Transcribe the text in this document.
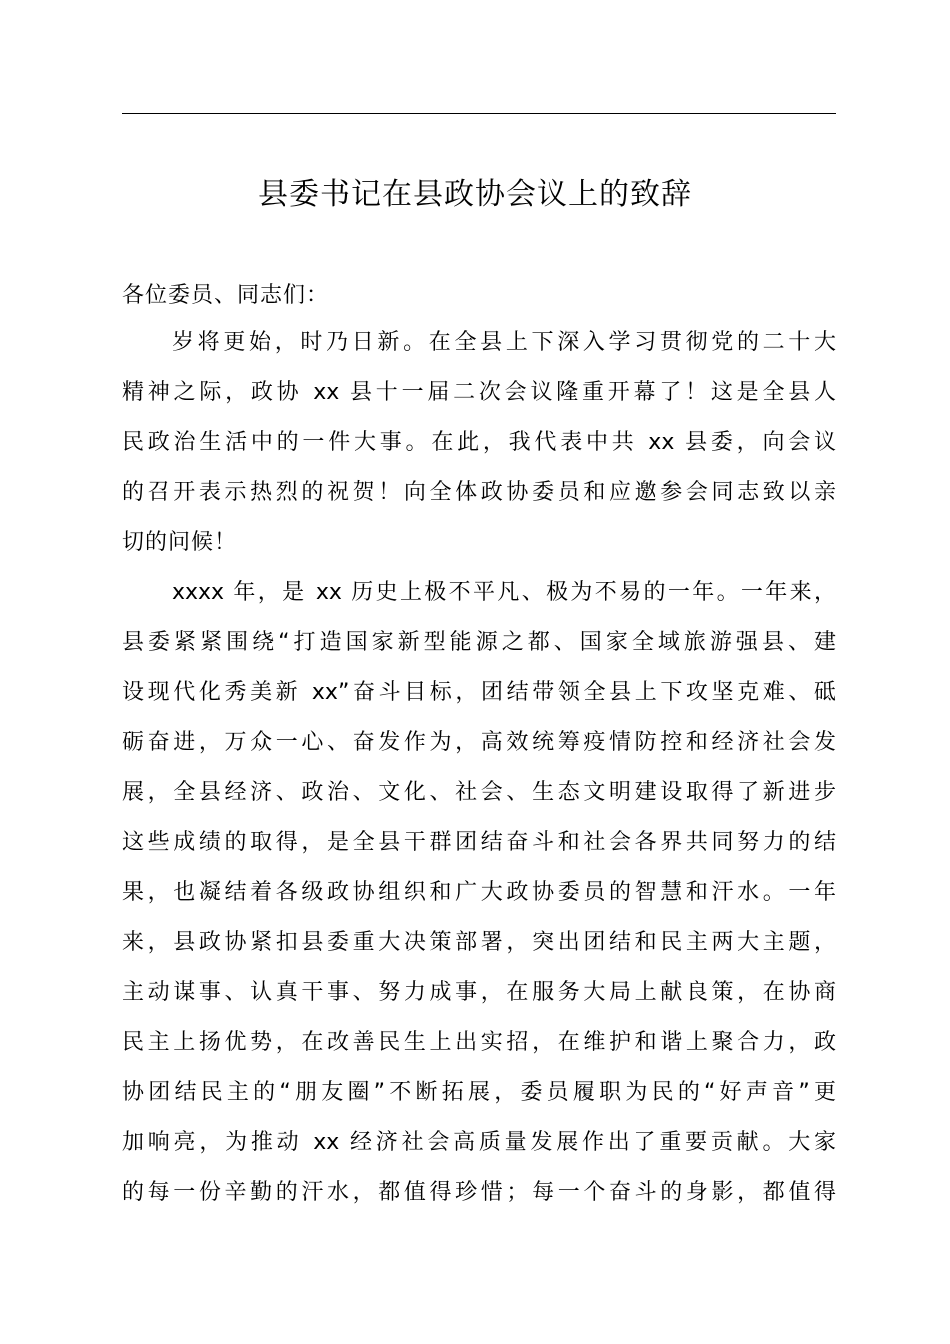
县委书记在县政协会议上的致辞
各位委员、同志们：
岁将更始，时乃日新。在全县上下深入学习贯彻党的二十大
精神之际，政协 xx 县十一届二次会议隆重开幕了！这是全县人
民政治生活中的一件大事。在此，我代表中共 xx 县委，向会议
的召开表示热烈的祝贺！向全体政协委员和应邀参会同志致以亲
切的问候！
xxxx 年，是 xx 历史上极不平凡、极为不易的一年。一年来，
县委紧紧围绕“打造国家新型能源之都、国家全域旅游强县、建
设现代化秀美新 xx”奋斗目标，团结带领全县上下攻坚克难、砥
砺奋进，万众一心、奋发作为，高效统筹疫情防控和经济社会发
展，全县经济、政治、文化、社会、生态文明建设取得了新进步
这些成绩的取得，是全县干群团结奋斗和社会各界共同努力的结
果，也凝结着各级政协组织和广大政协委员的智慧和汗水。一年
来，县政协紧扣县委重大决策部署，突出团结和民主两大主题，
主动谋事、认真干事、努力成事，在服务大局上献良策，在协商
民主上扬优势，在改善民生上出实招，在维护和谐上聚合力，政
协团结民主的“朋友圈”不断拓展，委员履职为民的“好声音”更
加响亮，为推动 xx 经济社会高质量发展作出了重要贡献。大家
的每一份辛勤的汗水，都值得珍惜；每一个奋斗的身影，都值得
